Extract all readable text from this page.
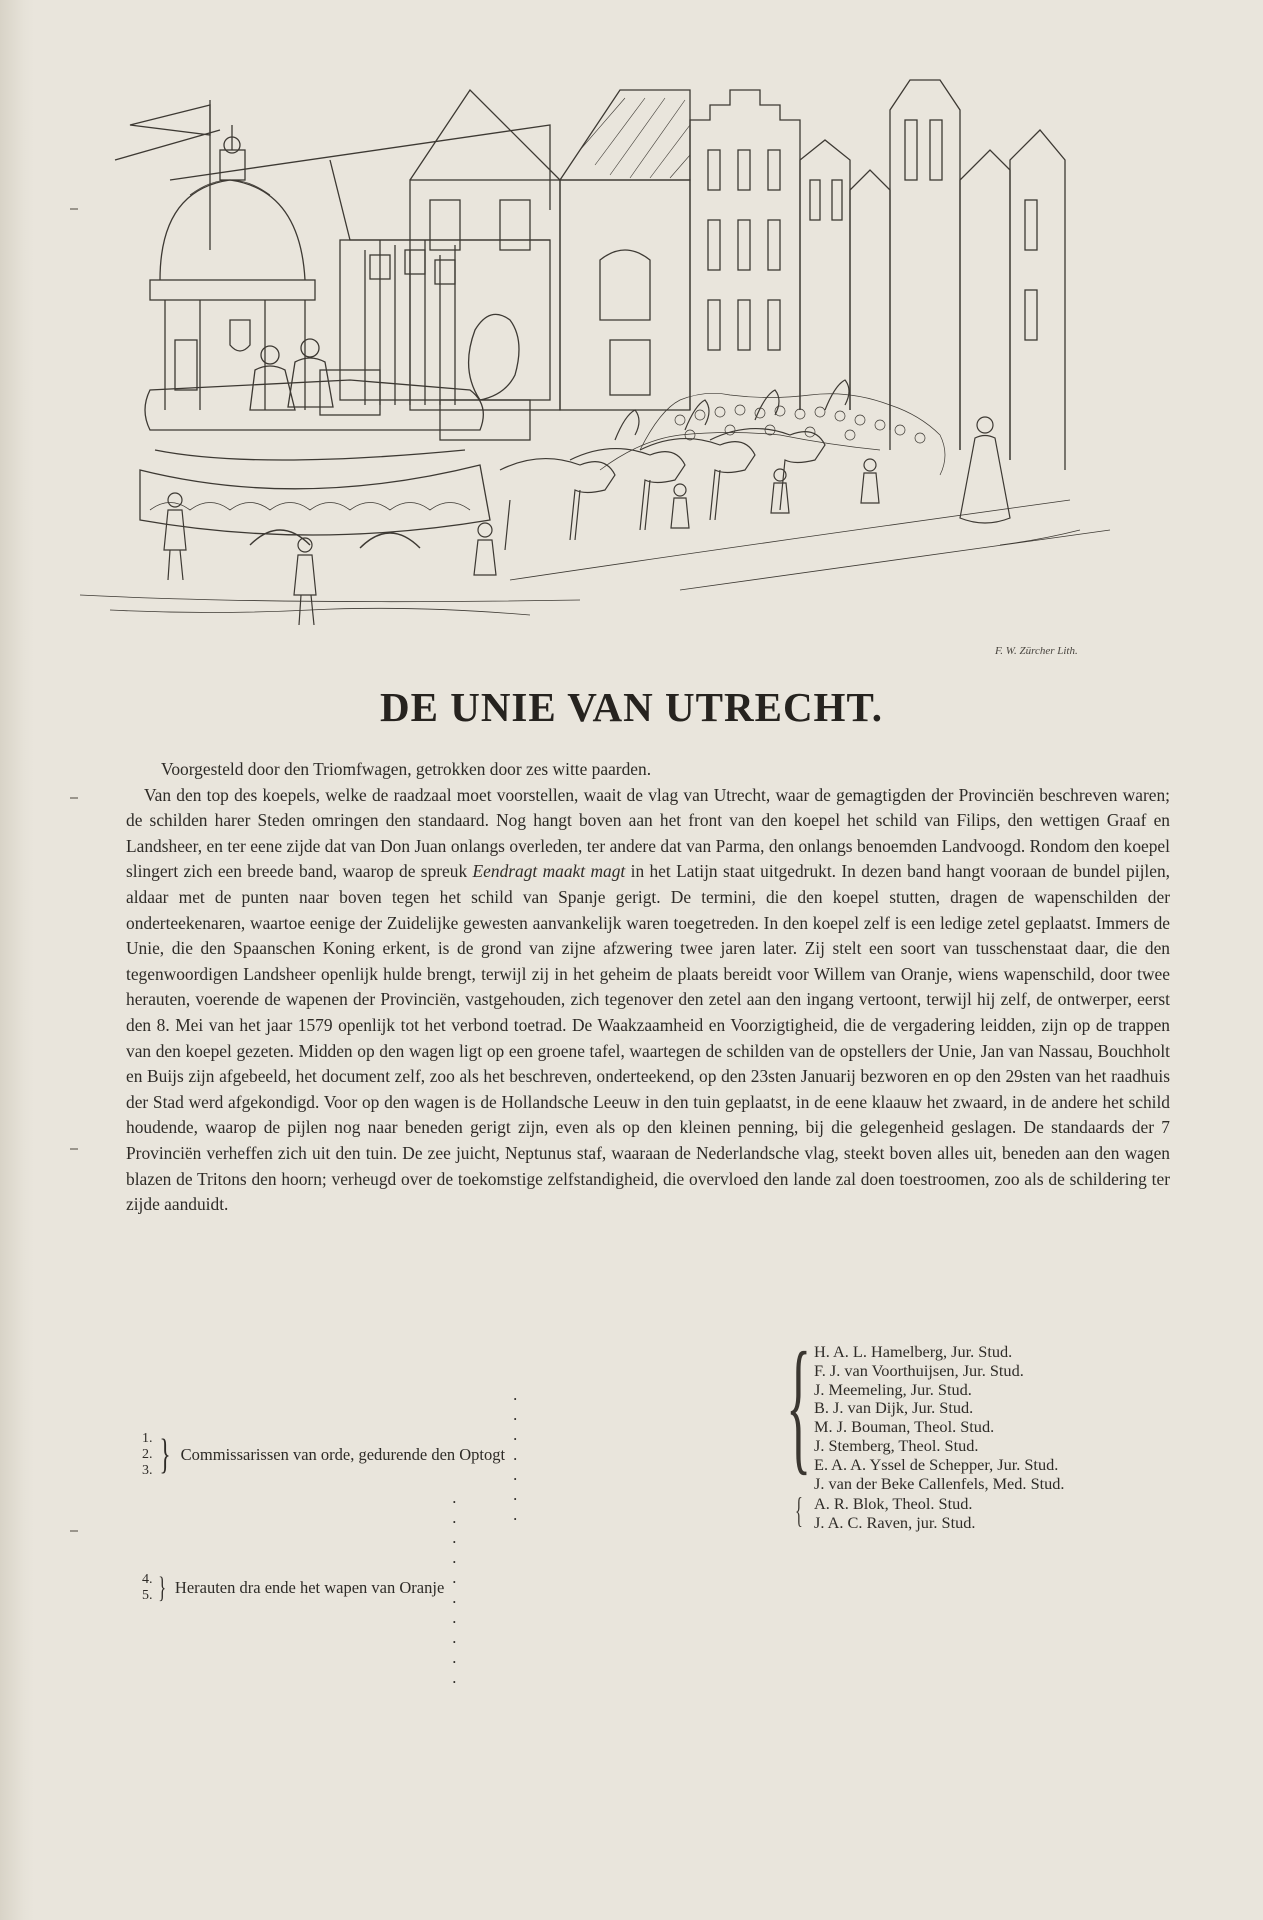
F. W. Zürcher Lith.
DE UNIE VAN UTRECHT.

Voorgesteld door den Triomfwagen, getrokken door zes witte paarden.

Van den top des koepels, welke de raadzaal moet voorstellen, waait de vlag van Utrecht, waar de gemagtigden der Provinciën beschreven waren; de schilden harer Steden omringen den standaard. Nog hangt boven aan het front van den koepel het schild van Filips, den wettigen Graaf en Landsheer, en ter eene zijde dat van Don Juan onlangs overleden, ter andere dat van Parma, den onlangs benoemden Landvoogd. Rondom den koepel slingert zich een breede band, waarop de spreuk Eendragt maakt magt in het Latijn staat uitgedrukt. In dezen band hangt vooraan de bundel pijlen, aldaar met de punten naar boven tegen het schild van Spanje gerigt. De termini, die den koepel stutten, dragen de wapenschilden der onderteekenaren, waartoe eenige der Zuidelijke gewesten aanvankelijk waren toegetreden. In den koepel zelf is een ledige zetel geplaatst. Immers de Unie, die den Spaanschen Koning erkent, is de grond van zijne afzwering twee jaren later. Zij stelt een soort van tusschenstaat daar, die den tegenwoordigen Landsheer openlijk hulde brengt, terwijl zij in het geheim de plaats bereidt voor Willem van Oranje, wiens wapenschild, door twee herauten, voerende de wapenen der Provinciën, vastgehouden, zich tegenover den zetel aan den ingang vertoont, terwijl hij zelf, de ontwerper, eerst den 8. Mei van het jaar 1579 openlijk tot het verbond toetrad. De Waakzaamheid en Voorzigtigheid, die de vergadering leidden, zijn op de trappen van den koepel gezeten. Midden op den wagen ligt op een groene tafel, waartegen de schilden van de opstellers der Unie, Jan van Nassau, Bouchholt en Buijs zijn afgebeeld, het document zelf, zoo als het beschreven, onderteekend, op den 23sten Januarij bezworen en op den 29sten van het raadhuis der Stad werd afgekondigd. Voor op den wagen is de Hollandsche Leeuw in den tuin geplaatst, in de eene klaauw het zwaard, in de andere het schild houdende, waarop de pijlen nog naar beneden gerigt zijn, even als op den kleinen penning, bij die gelegenheid geslagen. De standaards der 7 Provinciën verheffen zich uit den tuin. De zee juicht, Neptunus staf, waaraan de Nederlandsche vlag, steekt boven alles uit, beneden aan den wagen blazen de Tritons den hoorn; verheugd over de toekomstige zelfstandigheid, die overvloed den lande zal doen toestroomen, zoo als de schildering ter zijde aanduidt.

1.
2.
3. } Commissarissen van orde, gedurende den Optogt
. . . . . . .
4.
5. } Herauten dra ende het wapen van Oranje
. . . . . . . . . .
{ H. A. L. Hamelberg, Jur. Stud.
F. J. van Voorthuijsen, Jur. Stud.
J. Meemeling, Jur. Stud.
B. J. van Dijk, Jur. Stud.
M. J. Bouman, Theol. Stud.
J. Stemberg, Theol. Stud.
E. A. A. Yssel de Schepper, Jur. Stud.
J. van der Beke Callenfels, Med. Stud.
{ A. R. Blok, Theol. Stud.
J. A. C. Raven, jur. Stud.
